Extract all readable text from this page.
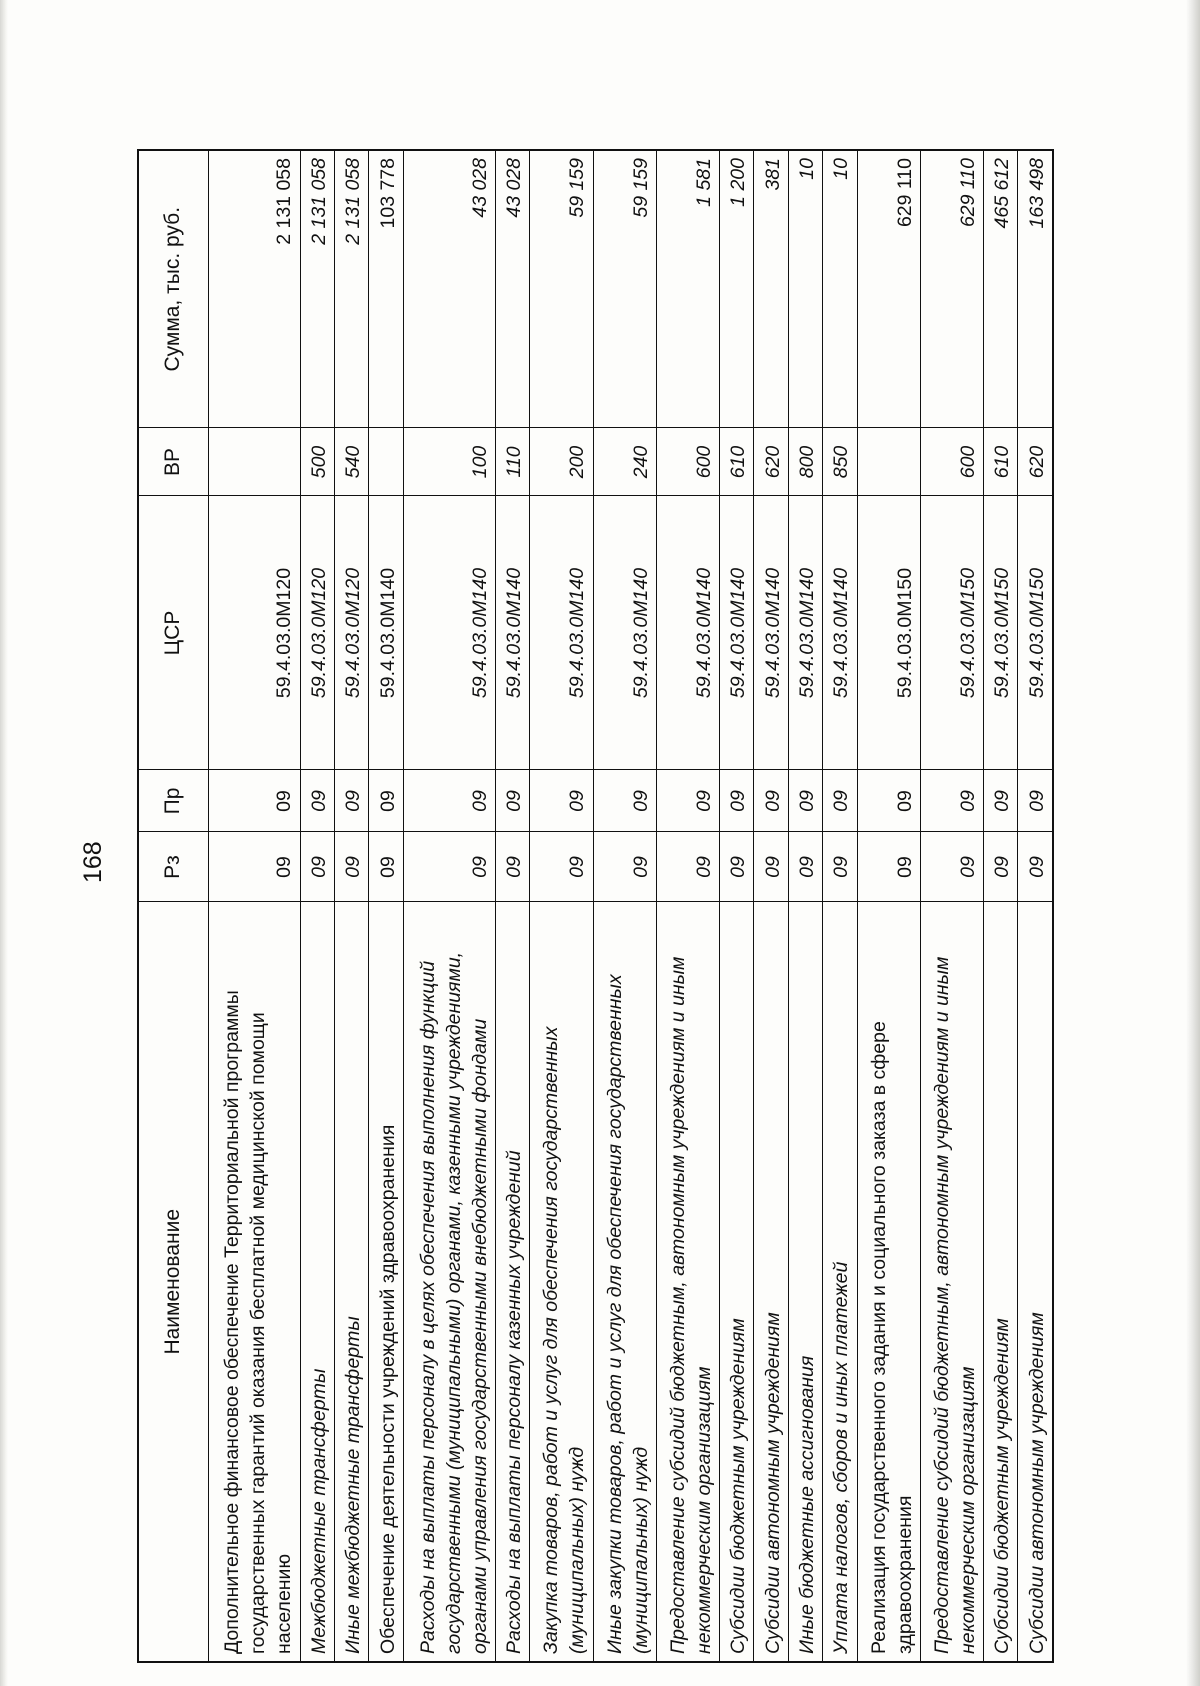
168
Наименование	Рз	Пр	ЦСР	ВР	Сумма, тыс. руб.
Дополнительное финансовое обеспечение Территориальной программы государственных гарантий оказания бесплатной медицинской помощи населению	09	09	59.4.03.0М120		2 131 058
Межбюджетные трансферты	09	09	59.4.03.0М120	500	2 131 058
Иные межбюджетные трансферты	09	09	59.4.03.0М120	540	2 131 058
Обеспечение деятельности учреждений здравоохранения	09	09	59.4.03.0М140		103 778
Расходы на выплаты персоналу в целях обеспечения выполнения функций государственными (муниципальными) органами, казенными учреждениями, органами управления государственными внебюджетными фондами	09	09	59.4.03.0М140	100	43 028
Расходы на выплаты персоналу казенных учреждений	09	09	59.4.03.0М140	110	43 028
Закупка товаров, работ и услуг для обеспечения государственных (муниципальных) нужд	09	09	59.4.03.0М140	200	59 159
Иные закупки товаров, работ и услуг для обеспечения государственных (муниципальных) нужд	09	09	59.4.03.0М140	240	59 159
Предоставление субсидий бюджетным, автономным учреждениям и иным некоммерческим организациям	09	09	59.4.03.0М140	600	1 581
Субсидии бюджетным учреждениям	09	09	59.4.03.0М140	610	1 200
Субсидии автономным учреждениям	09	09	59.4.03.0М140	620	381
Иные бюджетные ассигнования	09	09	59.4.03.0М140	800	10
Уплата налогов, сборов и иных платежей	09	09	59.4.03.0М140	850	10
Реализация государственного задания и социального заказа в сфере здравоохранения	09	09	59.4.03.0М150		629 110
Предоставление субсидий бюджетным, автономным учреждениям и иным некоммерческим организациям	09	09	59.4.03.0М150	600	629 110
Субсидии бюджетным учреждениям	09	09	59.4.03.0М150	610	465 612
Субсидии автономным учреждениям	09	09	59.4.03.0М150	620	163 498
